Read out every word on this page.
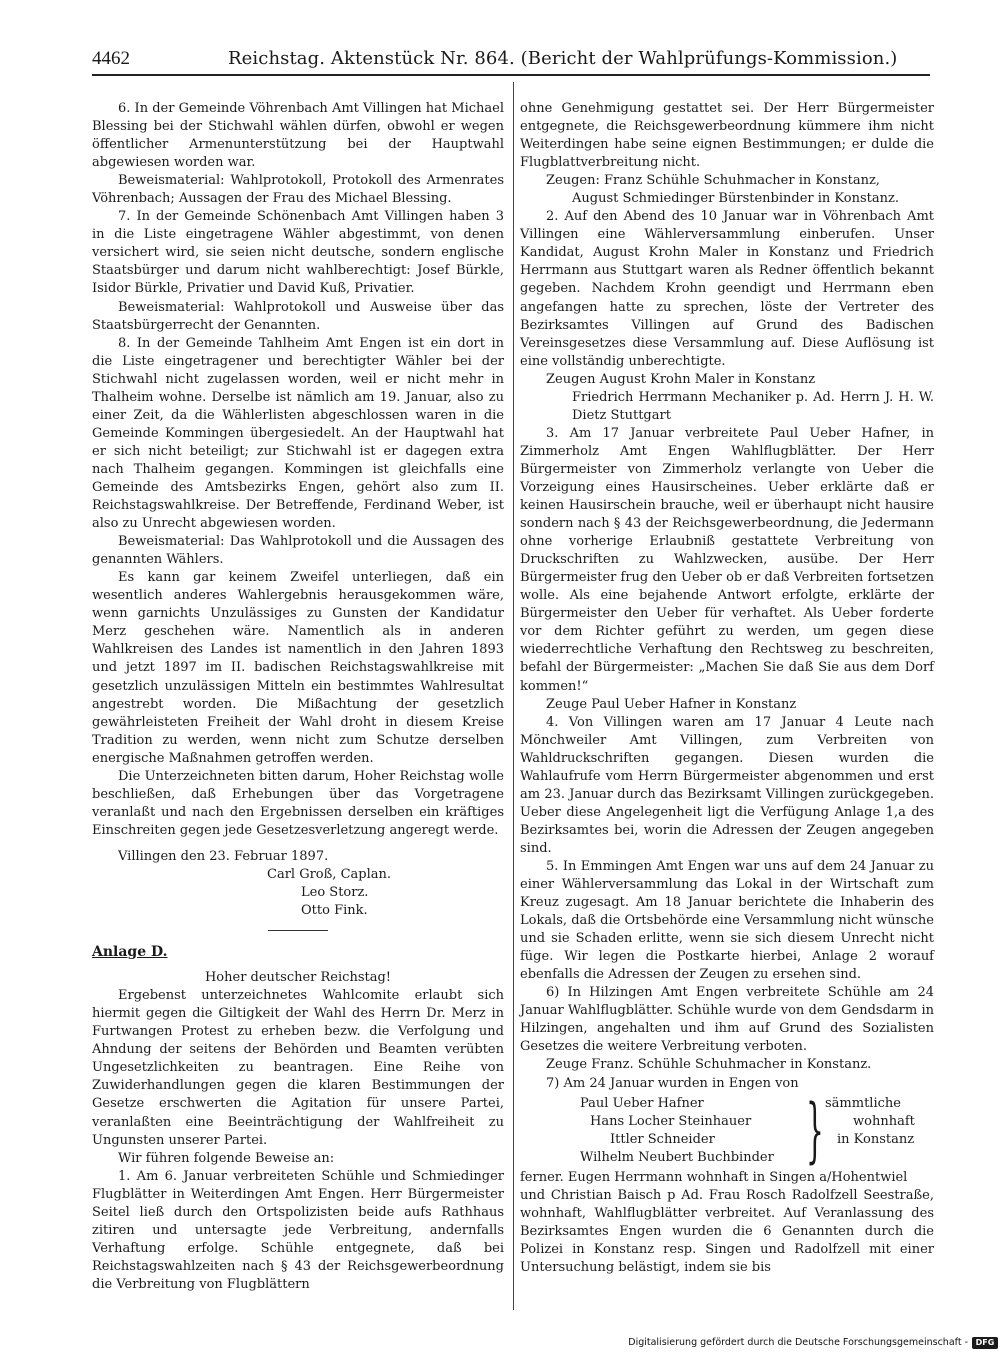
4462	Reichstag. Aktenstück Nr. 864. (Bericht der Wahlprüfungs-Kommission.)

6. In der Gemeinde Vöhrenbach Amt Villingen hat Michael Blessing bei der Stichwahl wählen dürfen, obwohl er wegen öffentlicher Armenunterstützung bei der Hauptwahl abgewiesen worden war.

Beweismaterial: Wahlprotokoll, Protokoll des Armenrates Vöhrenbach; Aussagen der Frau des Michael Blessing.

7. In der Gemeinde Schönenbach Amt Villingen haben 3 in die Liste eingetragene Wähler abgestimmt, von denen versichert wird, sie seien nicht deutsche, sondern englische Staatsbürger und darum nicht wahlberechtigt: Josef Bürkle, Isidor Bürkle, Privatier und David Kuß, Privatier.

Beweismaterial: Wahlprotokoll und Ausweise über das Staatsbürgerrecht der Genannten.

8. In der Gemeinde Tahlheim Amt Engen ist ein dort in die Liste eingetragener und berechtigter Wähler bei der Stichwahl nicht zugelassen worden, weil er nicht mehr in Thalheim wohne. Derselbe ist nämlich am 19. Januar, also zu einer Zeit, da die Wählerlisten abgeschlossen waren in die Gemeinde Kommingen übergesiedelt. An der Hauptwahl hat er sich nicht beteiligt; zur Stichwahl ist er dagegen extra nach Thalheim gegangen. Kommingen ist gleichfalls eine Gemeinde des Amtsbezirks Engen, gehört also zum II. Reichstagswahlkreise. Der Betreffende, Ferdinand Weber, ist also zu Unrecht abgewiesen worden.

Beweismaterial: Das Wahlprotokoll und die Aussagen des genannten Wählers.

Es kann gar keinem Zweifel unterliegen, daß ein wesentlich anderes Wahlergebnis herausgekommen wäre, wenn garnichts Unzulässiges zu Gunsten der Kandidatur Merz geschehen wäre. Namentlich als in anderen Wahlkreisen des Landes ist namentlich in den Jahren 1893 und jetzt 1897 im II. badischen Reichstagswahlkreise mit gesetzlich unzulässigen Mitteln ein bestimmtes Wahlresultat angestrebt worden. Die Mißachtung der gesetzlich gewährleisteten Freiheit der Wahl droht in diesem Kreise Tradition zu werden, wenn nicht zum Schutze derselben energische Maßnahmen getroffen werden.

Die Unterzeichneten bitten darum, Hoher Reichstag wolle beschließen, daß Erhebungen über das Vorgetragene veranlaßt und nach den Ergebnissen derselben ein kräftiges Einschreiten gegen jede Gesetzesverletzung angeregt werde.

Villingen den 23. Februar 1897.

Carl Groß, Caplan.
Leo Storz.
Otto Fink.

Anlage D.

Hoher deutscher Reichstag!

Ergebenst unterzeichnetes Wahlcomite erlaubt sich hiermit gegen die Giltigkeit der Wahl des Herrn Dr. Merz in Furtwangen Protest zu erheben bezw. die Verfolgung und Ahndung der seitens der Behörden und Beamten verübten Ungesetzlichkeiten zu beantragen. Eine Reihe von Zuwiderhandlungen gegen die klaren Bestimmungen der Gesetze erschwerten die Agitation für unsere Partei, veranlaßten eine Beeinträchtigung der Wahlfreiheit zu Ungunsten unserer Partei.

Wir führen folgende Beweise an:

1. Am 6. Januar verbreiteten Schühle und Schmiedinger Flugblätter in Weiterdingen Amt Engen. Herr Bürgermeister Seitel ließ durch den Ortspolizisten beide aufs Rathhaus zitiren und untersagte jede Verbreitung, andernfalls Verhaftung erfolge. Schühle entgegnete, daß bei Reichstagswahlzeiten nach § 43 der Reichsgewerbeordnung die Verbreitung von Flugblättern

ohne Genehmigung gestattet sei. Der Herr Bürgermeister entgegnete, die Reichsgewerbeordnung kümmere ihm nicht Weiterdingen habe seine eignen Bestimmungen; er dulde die Flugblattverbreitung nicht.

Zeugen: Franz Schühle Schuhmacher in Konstanz,

August Schmiedinger Bürstenbinder in Konstanz.

2. Auf den Abend des 10 Januar war in Vöhrenbach Amt Villingen eine Wählerversammlung einberufen. Unser Kandidat, August Krohn Maler in Konstanz und Friedrich Herrmann aus Stuttgart waren als Redner öffentlich bekannt gegeben. Nachdem Krohn geendigt und Herrmann eben angefangen hatte zu sprechen, löste der Vertreter des Bezirksamtes Villingen auf Grund des Badischen Vereinsgesetzes diese Versammlung auf. Diese Auflösung ist eine vollständig unberechtigte.

Zeugen August Krohn Maler in Konstanz

Friedrich Herrmann Mechaniker p. Ad. Herrn J. H. W. Dietz Stuttgart

3. Am 17 Januar verbreitete Paul Ueber Hafner, in Zimmerholz Amt Engen Wahlflugblätter. Der Herr Bürgermeister von Zimmerholz verlangte von Ueber die Vorzeigung eines Hausirscheines. Ueber erklärte daß er keinen Hausirschein brauche, weil er überhaupt nicht hausire sondern nach § 43 der Reichsgewerbeordnung, die Jedermann ohne vorherige Erlaubniß gestattete Verbreitung von Druckschriften zu Wahlzwecken, ausübe. Der Herr Bürgermeister frug den Ueber ob er daß Verbreiten fortsetzen wolle. Als eine bejahende Antwort erfolgte, erklärte der Bürgermeister den Ueber für verhaftet. Als Ueber forderte vor dem Richter geführt zu werden, um gegen diese wiederrechtliche Verhaftung den Rechtsweg zu beschreiten, befahl der Bürgermeister: „Machen Sie daß Sie aus dem Dorf kommen!“

Zeuge Paul Ueber Hafner in Konstanz

4. Von Villingen waren am 17 Januar 4 Leute nach Mönchweiler Amt Villingen, zum Verbreiten von Wahldruckschriften gegangen. Diesen wurden die Wahlaufrufe vom Herrn Bürgermeister abgenommen und erst am 23. Januar durch das Bezirksamt Villingen zurückgegeben. Ueber diese Angelegenheit ligt die Verfügung Anlage 1,a des Bezirksamtes bei, worin die Adressen der Zeugen angegeben sind.

5. In Emmingen Amt Engen war uns auf dem 24 Januar zu einer Wählerversammlung das Lokal in der Wirtschaft zum Kreuz zugesagt. Am 18 Januar berichtete die Inhaberin des Lokals, daß die Ortsbehörde eine Versammlung nicht wünsche und sie Schaden erlitte, wenn sie sich diesem Unrecht nicht füge. Wir legen die Postkarte hierbei, Anlage 2 worauf ebenfalls die Adressen der Zeugen zu ersehen sind.

6) In Hilzingen Amt Engen verbreitete Schühle am 24 Januar Wahlflugblätter. Schühle wurde von dem Gendsdarm in Hilzingen, angehalten und ihm auf Grund des Sozialisten Gesetzes die weitere Verbreitung verboten.

Zeuge Franz. Schühle Schuhmacher in Konstanz.

7) Am 24 Januar wurden in Engen von

Paul Ueber Hafner
Hans Locher Steinhauer
Ittler Schneider
Wilhelm Neubert Buchbinder } sämmtliche
wohnhaft
in Konstanz

ferner. Eugen Herrmann wohnhaft in Singen a/Hohentwiel

und Christian Baisch p Ad. Frau Rosch Radolfzell Seestraße, wohnhaft, Wahlflugblätter verbreitet. Auf Veranlassung des Bezirksamtes Engen wurden die 6 Genannten durch die Polizei in Konstanz resp. Singen und Radolfzell mit einer Untersuchung belästigt, indem sie bis

Digitalisierung gefördert durch die Deutsche Forschungsgemeinschaft - DFG
